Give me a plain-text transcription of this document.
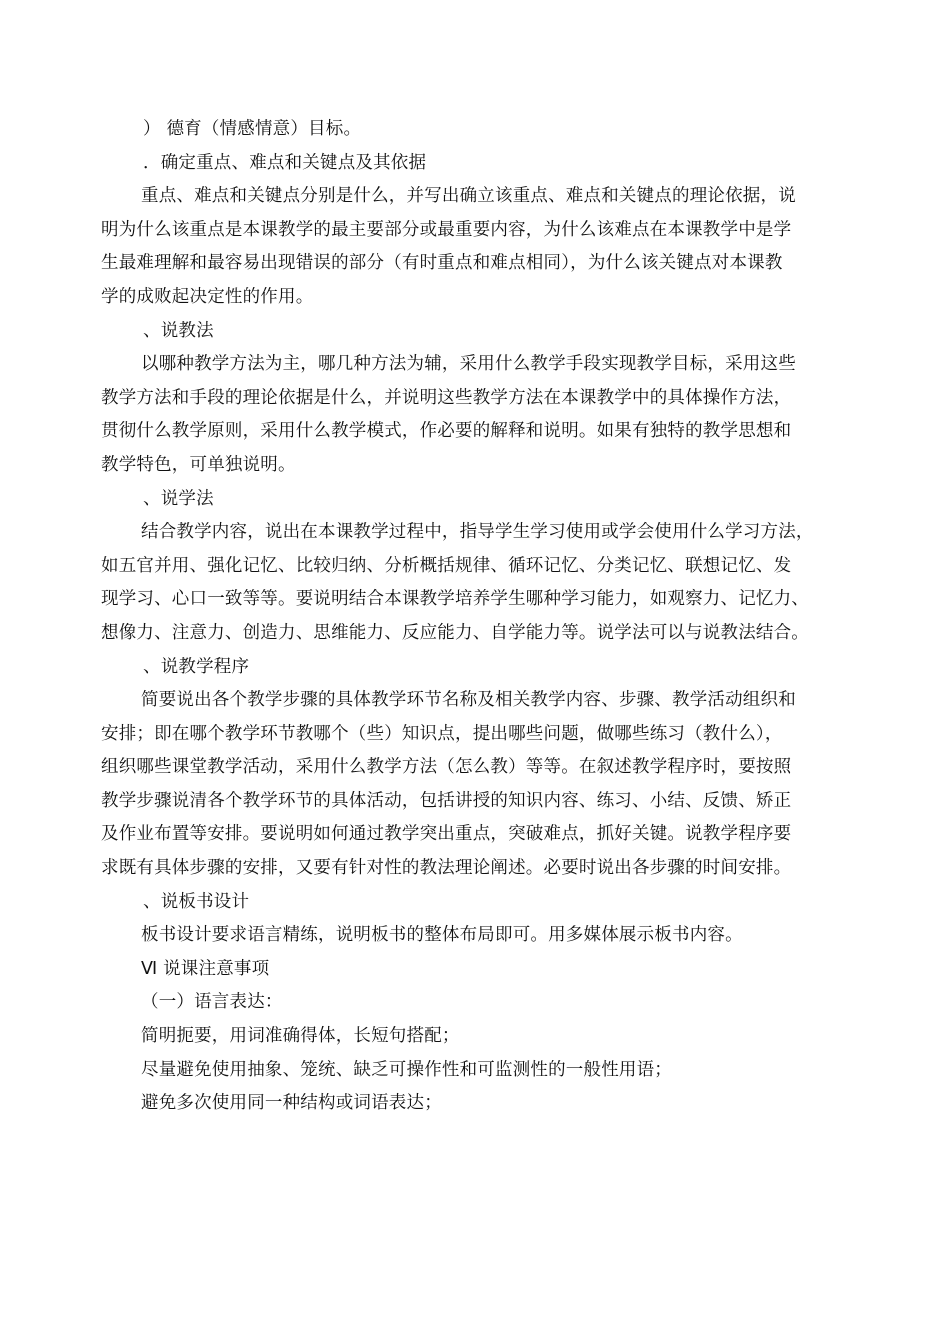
） 德育（情感情意）目标。
．确定重点、难点和关键点及其依据
重点、难点和关键点分别是什么，并写出确立该重点、难点和关键点的理论依据，说
明为什么该重点是本课教学的最主要部分或最重要内容，为什么该难点在本课教学中是学
生最难理解和最容易出现错误的部分（有时重点和难点相同），为什么该关键点对本课教
学的成败起决定性的作用。
、说教法
以哪种教学方法为主，哪几种方法为辅，采用什么教学手段实现教学目标，采用这些
教学方法和手段的理论依据是什么，并说明这些教学方法在本课教学中的具体操作方法，
贯彻什么教学原则，采用什么教学模式，作必要的解释和说明。如果有独特的教学思想和
教学特色，可单独说明。
、说学法
结合教学内容，说出在本课教学过程中，指导学生学习使用或学会使用什么学习方法，
如五官并用、强化记忆、比较归纳、分析概括规律、循环记忆、分类记忆、联想记忆、发
现学习、心口一致等等。要说明结合本课教学培养学生哪种学习能力，如观察力、记忆力、
想像力、注意力、创造力、思维能力、反应能力、自学能力等。说学法可以与说教法结合。
、说教学程序
简要说出各个教学步骤的具体教学环节名称及相关教学内容、步骤、教学活动组织和
安排；即在哪个教学环节教哪个（些）知识点，提出哪些问题，做哪些练习（教什么），
组织哪些课堂教学活动，采用什么教学方法（怎么教）等等。在叙述教学程序时，要按照
教学步骤说清各个教学环节的具体活动，包括讲授的知识内容、练习、小结、反馈、矫正
及作业布置等安排。要说明如何通过教学突出重点，突破难点，抓好关键。说教学程序要
求既有具体步骤的安排，又要有针对性的教法理论阐述。必要时说出各步骤的时间安排。
、说板书设计
板书设计要求语言精练，说明板书的整体布局即可。用多媒体展示板书内容。
Ⅵ 说课注意事项
（一）语言表达：
简明扼要，用词准确得体，长短句搭配；
尽量避免使用抽象、笼统、缺乏可操作性和可监测性的一般性用语；
避免多次使用同一种结构或词语表达；
